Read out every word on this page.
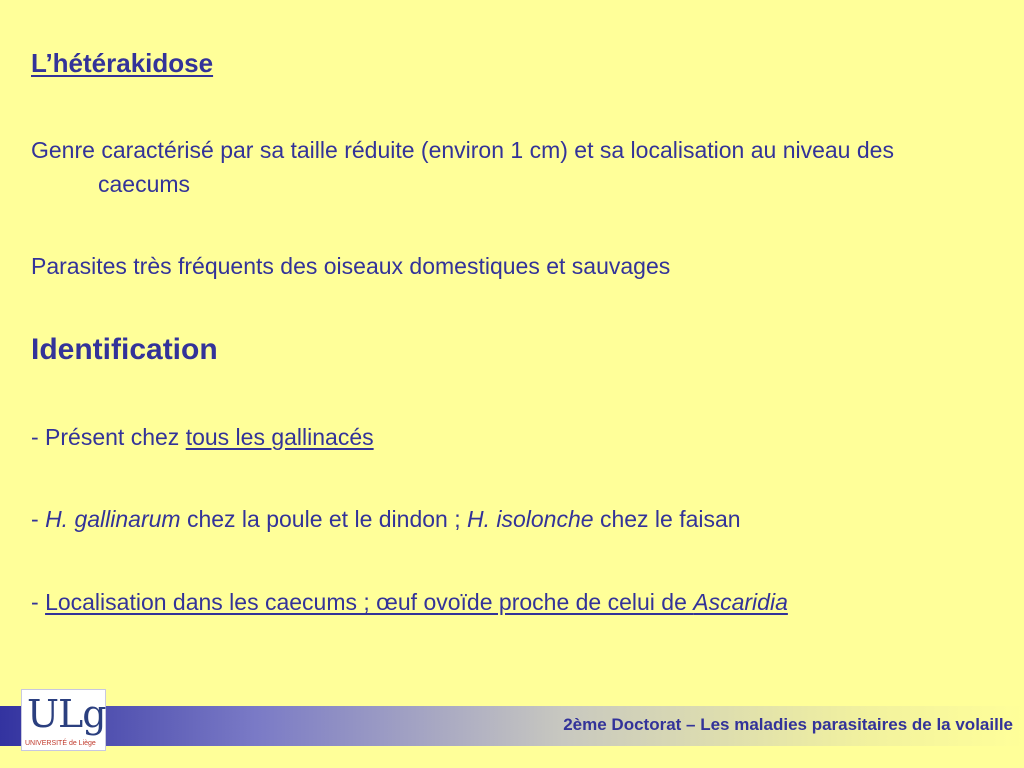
L’hétérakidose

Genre caractérisé par sa taille réduite (environ 1 cm) et sa localisation au niveau des caecums

Parasites très fréquents des oiseaux domestiques et sauvages

Identification

- Présent chez tous les gallinacés

- H. gallinarum chez la poule et le dindon ; H. isolonche chez le faisan

- Localisation dans les caecums ; œuf ovoïde proche de celui de Ascaridia

2ème Doctorat – Les maladies parasitaires de la volaille
ULg
UNIVERSITÉ de Liège
